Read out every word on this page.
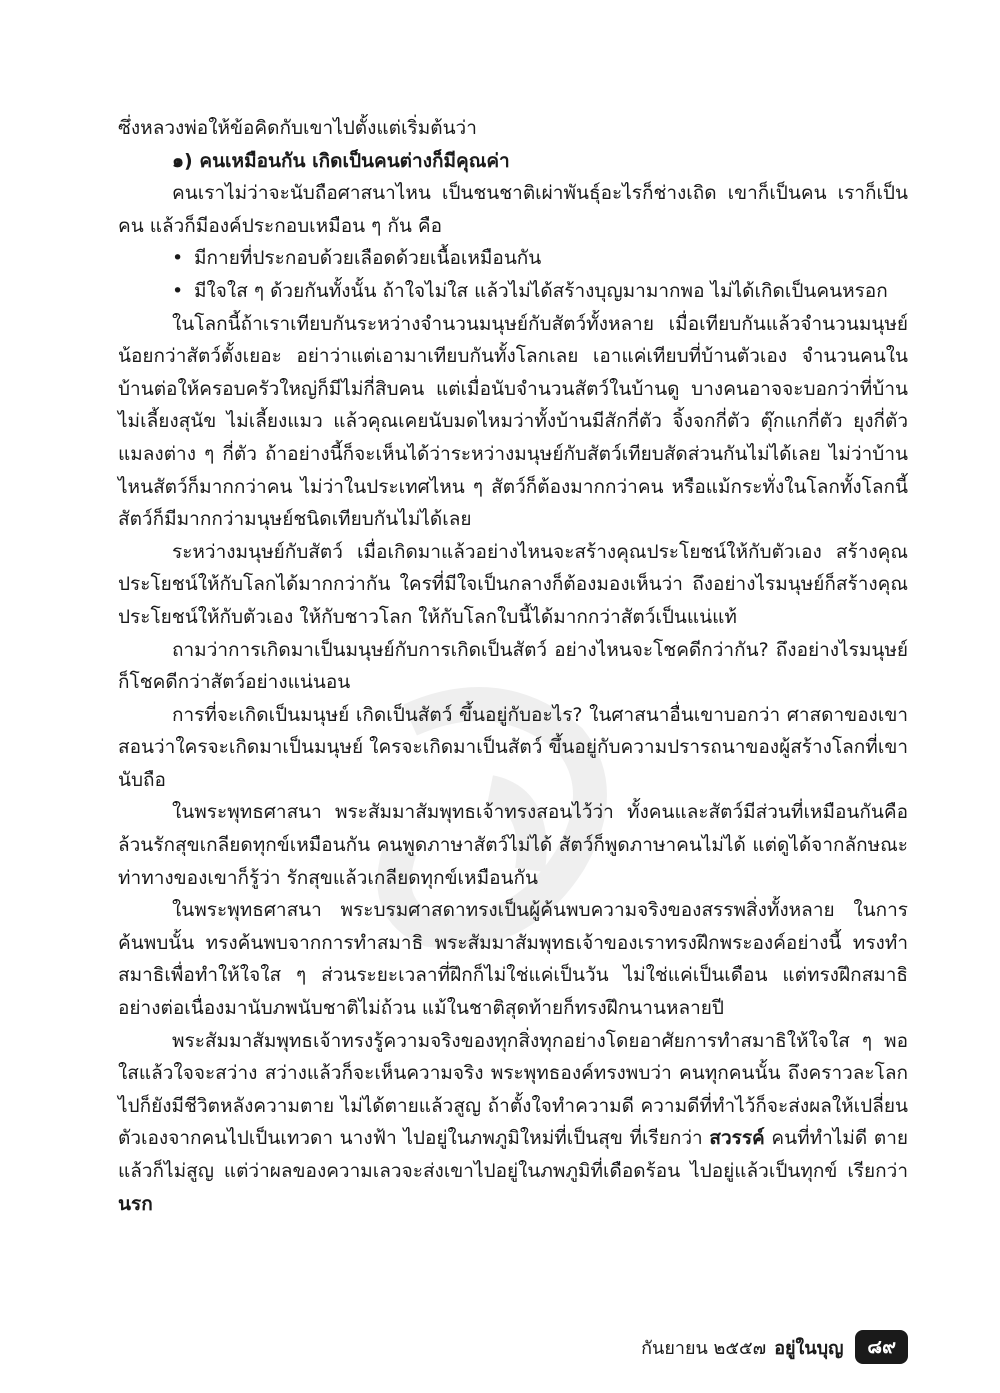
ซึ่งหลวงพ่อให้ข้อคิดกับเขาไปตั้งแต่เริ่มต้นว่า

๑) คนเหมือนกัน เกิดเป็นคนต่างก็มีคุณค่า

คนเราไม่ว่าจะนับถือศาสนาไหน เป็นชนชาติเผ่าพันธุ์อะไรก็ช่างเถิด เขาก็เป็นคน เราก็เป็นคน แล้วก็มีองค์ประกอบเหมือน ๆ กัน คือ

• มีกายที่ประกอบด้วยเลือดด้วยเนื้อเหมือนกัน
• มีใจใส ๆ ด้วยกันทั้งนั้น ถ้าใจไม่ใส แล้วไม่ได้สร้างบุญมามากพอ ไม่ได้เกิดเป็นคนหรอก

ในโลกนี้ถ้าเราเทียบกันระหว่างจำนวนมนุษย์กับสัตว์ทั้งหลาย เมื่อเทียบกันแล้วจำนวนมนุษย์น้อยกว่าสัตว์ตั้งเยอะ อย่าว่าแต่เอามาเทียบกันทั้งโลกเลย เอาแค่เทียบที่บ้านตัวเอง จำนวนคนในบ้านต่อให้ครอบครัวใหญ่ก็มีไม่กี่สิบคน แต่เมื่อนับจำนวนสัตว์ในบ้านดู บางคนอาจจะบอกว่าที่บ้านไม่เลี้ยงสุนัข ไม่เลี้ยงแมว แล้วคุณเคยนับมดไหมว่าทั้งบ้านมีสักกี่ตัว จิ้งจกกี่ตัว ตุ๊กแกกี่ตัว ยุงกี่ตัว แมลงต่าง ๆ กี่ตัว ถ้าอย่างนี้ก็จะเห็นได้ว่าระหว่างมนุษย์กับสัตว์เทียบสัดส่วนกันไม่ได้เลย ไม่ว่าบ้านไหนสัตว์ก็มากกว่าคน ไม่ว่าในประเทศไหน ๆ สัตว์ก็ต้องมากกว่าคน หรือแม้กระทั่งในโลกทั้งโลกนี้ สัตว์ก็มีมากกว่ามนุษย์ชนิดเทียบกันไม่ได้เลย

ระหว่างมนุษย์กับสัตว์ เมื่อเกิดมาแล้วอย่างไหนจะสร้างคุณประโยชน์ให้กับตัวเอง สร้างคุณประโยชน์ให้กับโลกได้มากกว่ากัน ใครที่มีใจเป็นกลางก็ต้องมองเห็นว่า ถึงอย่างไรมนุษย์ก็สร้างคุณประโยชน์ให้กับตัวเอง ให้กับชาวโลก ให้กับโลกใบนี้ได้มากกว่าสัตว์เป็นแน่แท้

ถามว่าการเกิดมาเป็นมนุษย์กับการเกิดเป็นสัตว์ อย่างไหนจะโชคดีกว่ากัน? ถึงอย่างไรมนุษย์ก็โชคดีกว่าสัตว์อย่างแน่นอน

การที่จะเกิดเป็นมนุษย์ เกิดเป็นสัตว์ ขึ้นอยู่กับอะไร? ในศาสนาอื่นเขาบอกว่า ศาสดาของเขาสอนว่าใครจะเกิดมาเป็นมนุษย์ ใครจะเกิดมาเป็นสัตว์ ขึ้นอยู่กับความปรารถนาของผู้สร้างโลกที่เขานับถือ

ในพระพุทธศาสนา พระสัมมาสัมพุทธเจ้าทรงสอนไว้ว่า ทั้งคนและสัตว์มีส่วนที่เหมือนกันคือล้วนรักสุขเกลียดทุกข์เหมือนกัน คนพูดภาษาสัตว์ไม่ได้ สัตว์ก็พูดภาษาคนไม่ได้ แต่ดูได้จากลักษณะท่าทางของเขาก็รู้ว่า รักสุขแล้วเกลียดทุกข์เหมือนกัน

ในพระพุทธศาสนา พระบรมศาสดาทรงเป็นผู้ค้นพบความจริงของสรรพสิ่งทั้งหลาย ในการค้นพบนั้น ทรงค้นพบจากการทำสมาธิ พระสัมมาสัมพุทธเจ้าของเราทรงฝึกพระองค์อย่างนี้ ทรงทำสมาธิเพื่อทำให้ใจใส ๆ ส่วนระยะเวลาที่ฝึกก็ไม่ใช่แค่เป็นวัน ไม่ใช่แค่เป็นเดือน แต่ทรงฝึกสมาธิอย่างต่อเนื่องมานับภพนับชาติไม่ถ้วน แม้ในชาติสุดท้ายก็ทรงฝึกนานหลายปี

พระสัมมาสัมพุทธเจ้าทรงรู้ความจริงของทุกสิ่งทุกอย่างโดยอาศัยการทำสมาธิให้ใจใส ๆ พอใสแล้วใจจะสว่าง สว่างแล้วก็จะเห็นความจริง พระพุทธองค์ทรงพบว่า คนทุกคนนั้น ถึงคราวละโลกไปก็ยังมีชีวิตหลังความตาย ไม่ได้ตายแล้วสูญ ถ้าตั้งใจทำความดี ความดีที่ทำไว้ก็จะส่งผลให้เปลี่ยนตัวเองจากคนไปเป็นเทวดา นางฟ้า ไปอยู่ในภพภูมิใหม่ที่เป็นสุข ที่เรียกว่า สวรรค์ คนที่ทำไม่ดี ตายแล้วก็ไม่สูญ แต่ว่าผลของความเลวจะส่งเขาไปอยู่ในภพภูมิที่เดือดร้อน ไปอยู่แล้วเป็นทุกข์ เรียกว่า นรก

กันยายน ๒๕๕๗ อยู่ในบุญ	๘๙
